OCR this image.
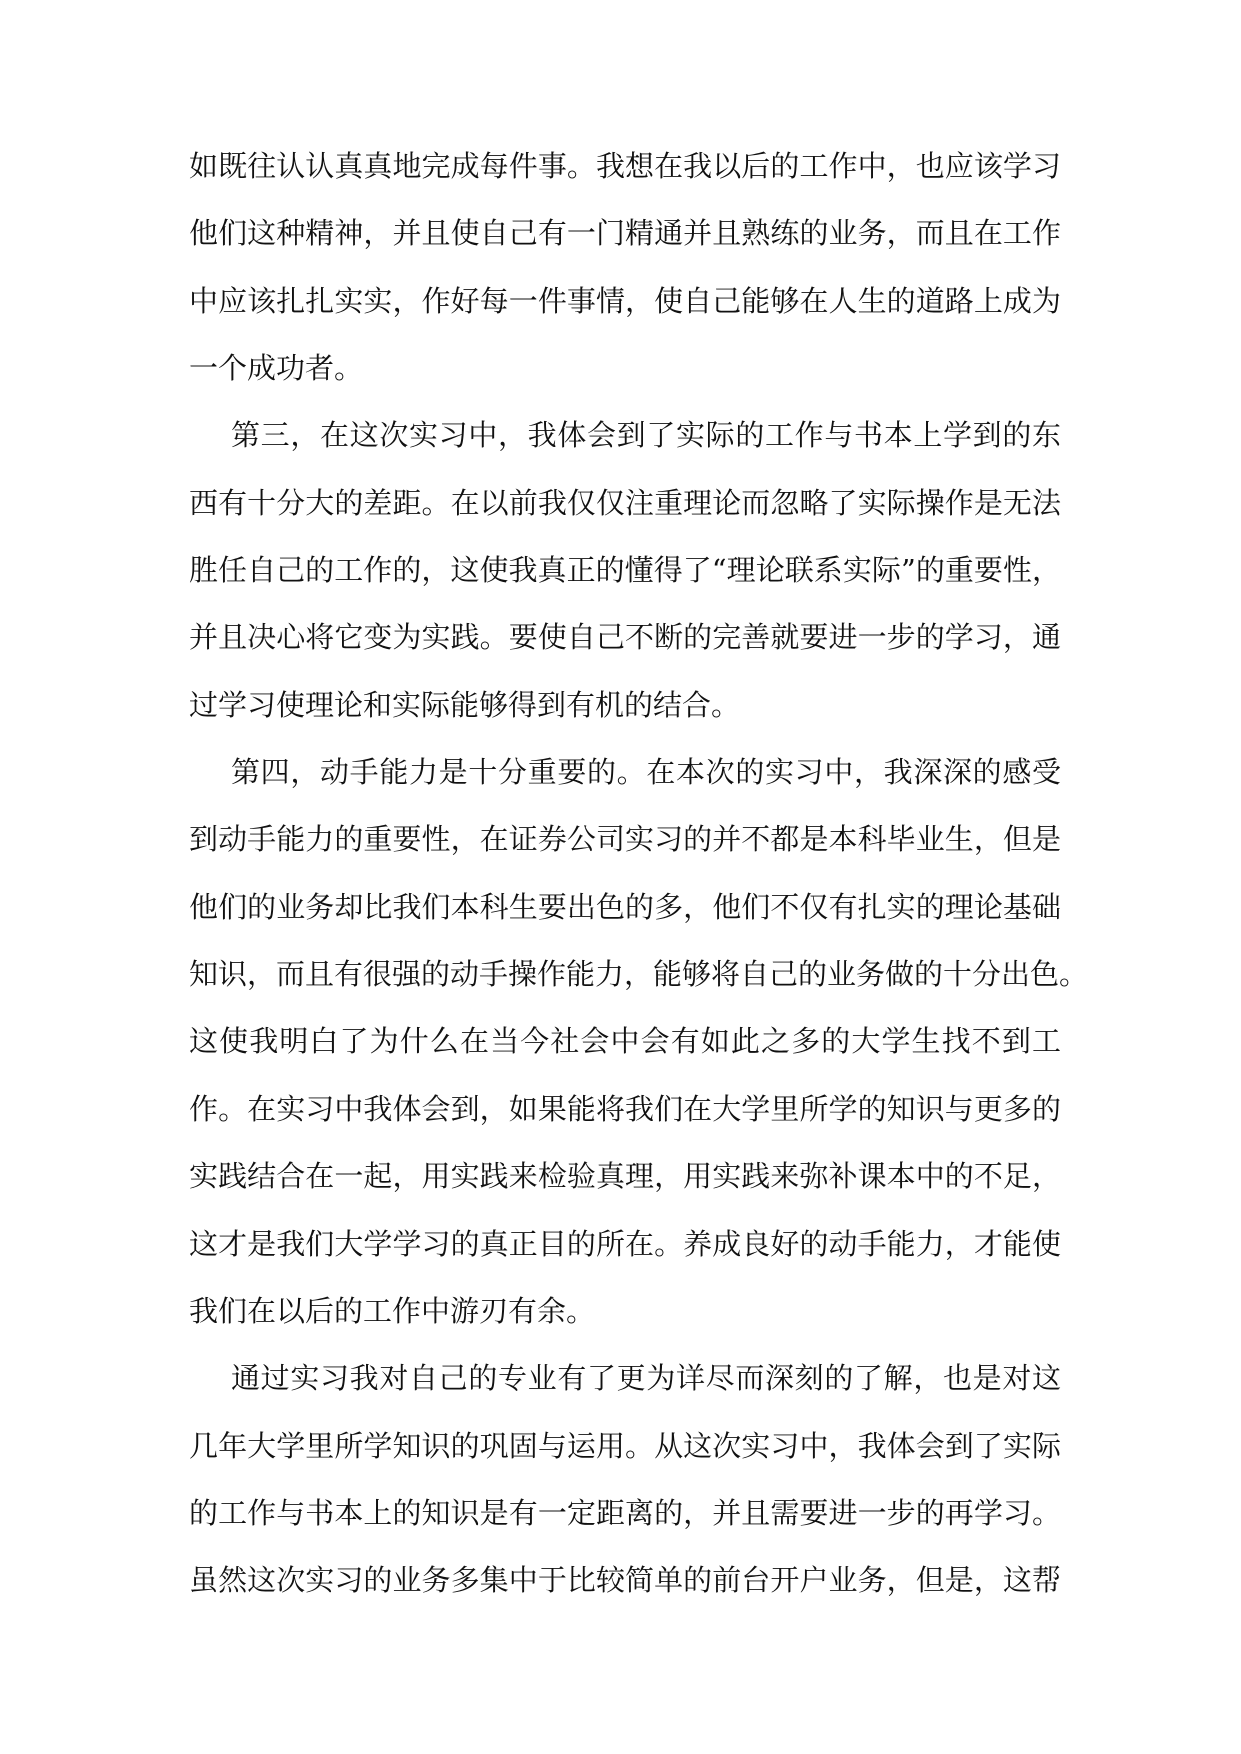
如既往认认真真地完成每件事。我想在我以后的工作中，也应该学习
他们这种精神，并且使自己有一门精通并且熟练的业务，而且在工作
中应该扎扎实实，作好每一件事情，使自己能够在人生的道路上成为
一个成功者。
第三，在这次实习中，我体会到了实际的工作与书本上学到的东
西有十分大的差距。在以前我仅仅注重理论而忽略了实际操作是无法
胜任自己的工作的，这使我真正的懂得了“理论联系实际”的重要性，
并且决心将它变为实践。要使自己不断的完善就要进一步的学习，通
过学习使理论和实际能够得到有机的结合。
第四，动手能力是十分重要的。在本次的实习中，我深深的感受
到动手能力的重要性，在证券公司实习的并不都是本科毕业生，但是
他们的业务却比我们本科生要出色的多，他们不仅有扎实的理论基础
知识，而且有很强的动手操作能力，能够将自己的业务做的十分出色。
这使我明白了为什么在当今社会中会有如此之多的大学生找不到工
作。在实习中我体会到，如果能将我们在大学里所学的知识与更多的
实践结合在一起，用实践来检验真理，用实践来弥补课本中的不足，
这才是我们大学学习的真正目的所在。养成良好的动手能力，才能使
我们在以后的工作中游刃有余。
通过实习我对自己的专业有了更为详尽而深刻的了解，也是对这
几年大学里所学知识的巩固与运用。从这次实习中，我体会到了实际
的工作与书本上的知识是有一定距离的，并且需要进一步的再学习。
虽然这次实习的业务多集中于比较简单的前台开户业务，但是，这帮
